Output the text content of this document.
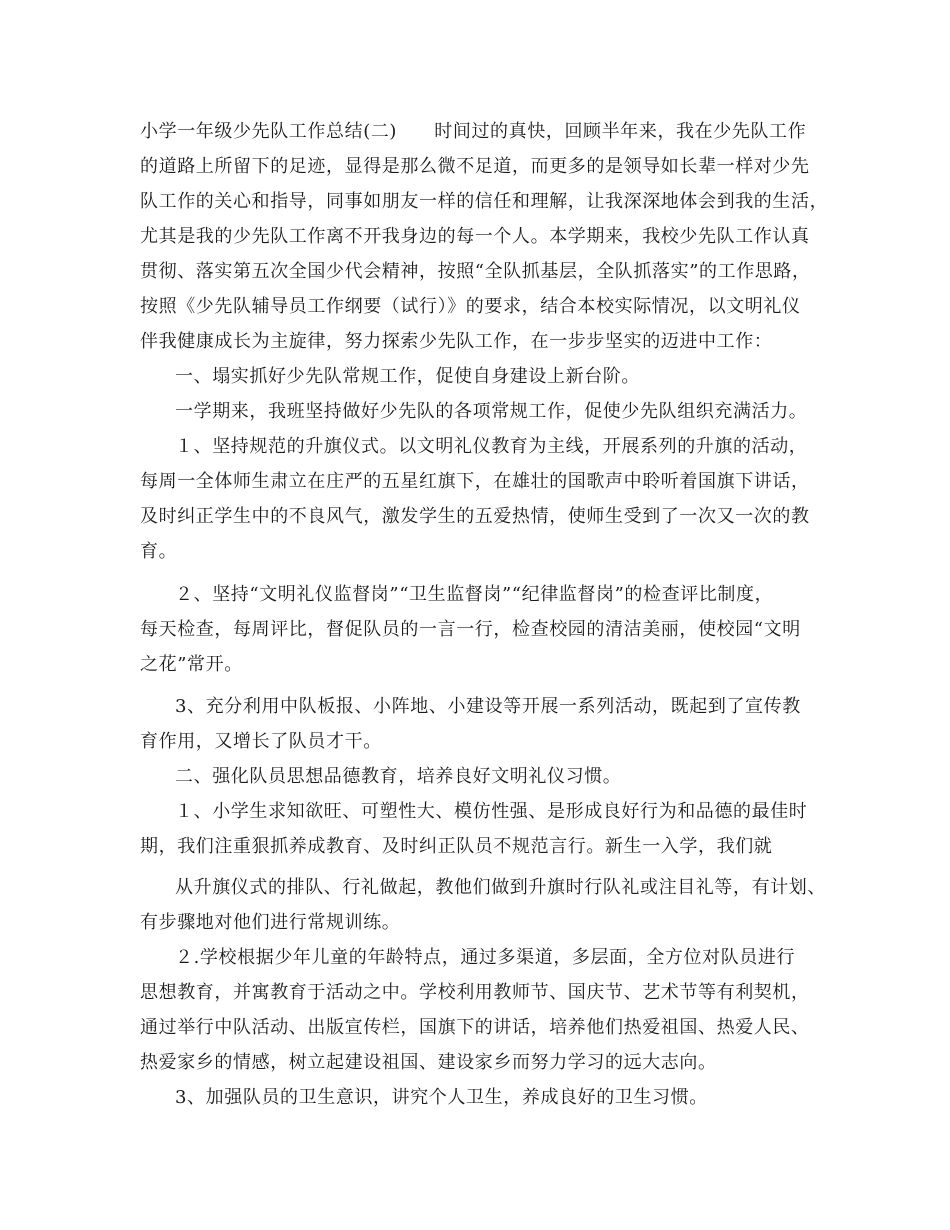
小学一年级少先队工作总结(二)　　时间过的真快，回顾半年来，我在少先队工作
的道路上所留下的足迹，显得是那么微不足道，而更多的是领导如长辈一样对少先
队工作的关心和指导，同事如朋友一样的信任和理解，让我深深地体会到我的生活，
尤其是我的少先队工作离不开我身边的每一个人。本学期来，我校少先队工作认真
贯彻、落实第五次全国少代会精神，按照“全队抓基层，全队抓落实”的工作思路，
按照《少先队辅导员工作纲要（试行）》的要求，结合本校实际情况，以文明礼仪
伴我健康成长为主旋律，努力探索少先队工作，在一步步坚实的迈进中工作：
一、塌实抓好少先队常规工作，促使自身建设上新台阶。
一学期来，我班坚持做好少先队的各项常规工作，促使少先队组织充满活力。
１、坚持规范的升旗仪式。以文明礼仪教育为主线，开展系列的升旗的活动，
每周一全体师生肃立在庄严的五星红旗下，在雄壮的国歌声中聆听着国旗下讲话，
及时纠正学生中的不良风气，激发学生的五爱热情，使师生受到了一次又一次的教
育。
２、坚持“文明礼仪监督岗”“卫生监督岗”“纪律监督岗”的检查评比制度，
每天检查，每周评比，督促队员的一言一行，检查校园的清洁美丽，使校园“文明
之花”常开。
3、充分利用中队板报、小阵地、小建设等开展一系列活动，既起到了宣传教
育作用，又增长了队员才干。
二、强化队员思想品德教育，培养良好文明礼仪习惯。
１、小学生求知欲旺、可塑性大、模仿性强、是形成良好行为和品德的最佳时
期，我们注重狠抓养成教育、及时纠正队员不规范言行。新生一入学，我们就
从升旗仪式的排队、行礼做起，教他们做到升旗时行队礼或注目礼等，有计划、
有步骤地对他们进行常规训练。
２.学校根据少年儿童的年龄特点，通过多渠道，多层面，全方位对队员进行
思想教育，并寓教育于活动之中。学校利用教师节、国庆节、艺术节等有利契机，
通过举行中队活动、出版宣传栏，国旗下的讲话，培养他们热爱祖国、热爱人民、
热爱家乡的情感，树立起建设祖国、建设家乡而努力学习的远大志向。
3、加强队员的卫生意识，讲究个人卫生，养成良好的卫生习惯。
